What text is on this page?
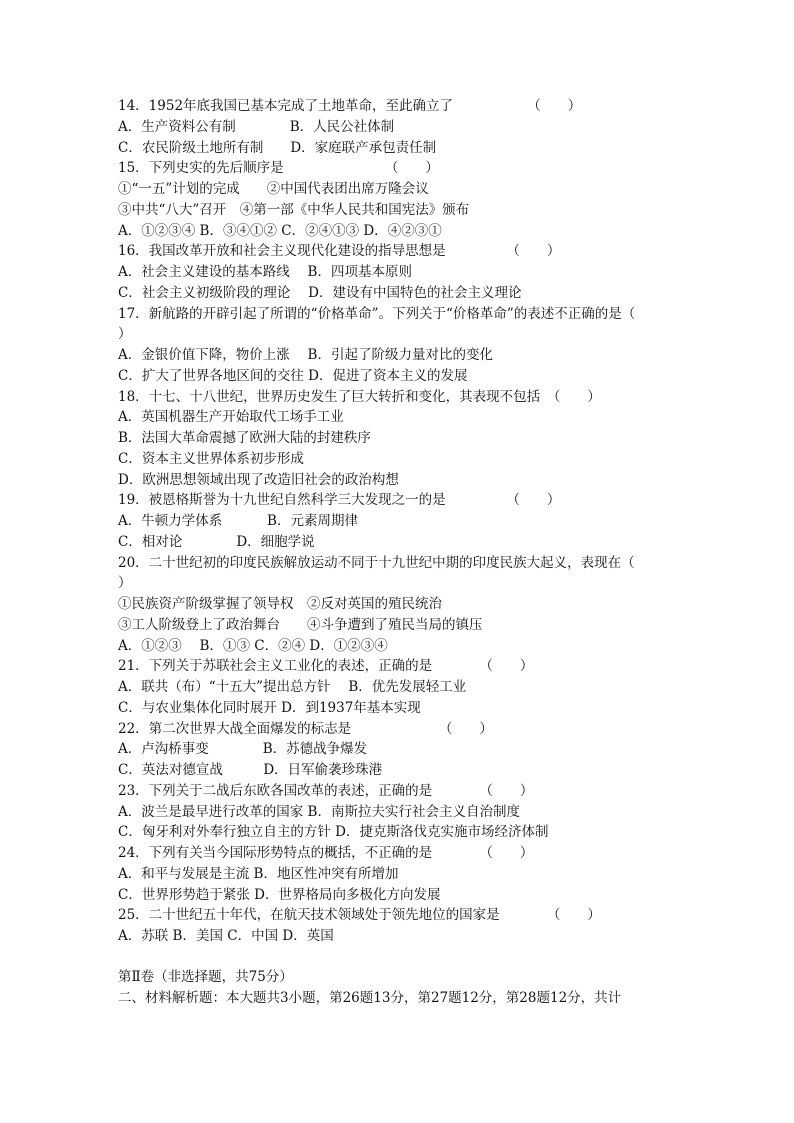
14．1952年底我国已基本完成了土地革命，至此确立了　　　　　　（　　）
A．生产资料公有制　　　　B．人民公社体制
C．农民阶级土地所有制　　D．家庭联产承包责任制
15．下列史实的先后顺序是　　　　　　　　（　　）
①“一五”计划的完成　　②中国代表团出席万隆会议
③中共“八大”召开　④第一部《中华人民共和国宪法》颁布
A．①②③④ B．③④①② C．②④①③ D．④②③①
16．我国改革开放和社会主义现代化建设的指导思想是　　　　　（　　）
A．社会主义建设的基本路线　 B．四项基本原则
C．社会主义初级阶段的理论　 D．建设有中国特色的社会主义理论
17．新航路的开辟引起了所谓的“价格革命”。下列关于“价格革命”的表述不正确的是（
）
A．金银价值下降，物价上涨　 B．引起了阶级力量对比的变化
C．扩大了世界各地区间的交往 D．促进了资本主义的发展
18．十七、十八世纪，世界历史发生了巨大转折和变化，其表现不包括　（　　）
A．英国机器生产开始取代工场手工业
B．法国大革命震撼了欧洲大陆的封建秩序
C．资本主义世界体系初步形成
D．欧洲思想领域出现了改造旧社会的政治构想
19．被恩格斯誉为十九世纪自然科学三大发现之一的是　　　　　（　　）
A．牛顿力学体系　　　 B．元素周期律
C．相对论　　　　D．细胞学说
20．二十世纪初的印度民族解放运动不同于十九世纪中期的印度民族大起义，表现在（
）
①民族资产阶级掌握了领导权　②反对英国的殖民统治
③工人阶级登上了政治舞台　　④斗争遭到了殖民当局的镇压
A．①②③　 B．①③ C．②④ D．①②③④
21．下列关于苏联社会主义工业化的表述，正确的是　　　　（　　）
A．联共（布）“十五大”提出总方针　 B．优先发展轻工业
C．与农业集体化同时展开 D．到1937年基本实现
22．第二次世界大战全面爆发的标志是　　　　　　　（　　）
A．卢沟桥事变　　　　B．苏德战争爆发
C．英法对德宣战　　　D．日军偷袭珍珠港
23．下列关于二战后东欧各国改革的表述，正确的是　　　　（　　）
A．波兰是最早进行改革的国家 B．南斯拉夫实行社会主义自治制度
C．匈牙利对外奉行独立自主的方针 D．捷克斯洛伐克实施市场经济体制
24．下列有关当今国际形势特点的概括，不正确的是　　　　（　　）
A．和平与发展是主流 B．地区性冲突有所增加
C．世界形势趋于紧张 D．世界格局向多极化方向发展
25．二十世纪五十年代，在航天技术领域处于领先地位的国家是　　　　（　　）
A．苏联 B．美国 C．中国 D．英国
第Ⅱ卷（非选择题，共75分）
二、材料解析题：本大题共3小题，第26题13分，第27题12分，第28题12分，共计
